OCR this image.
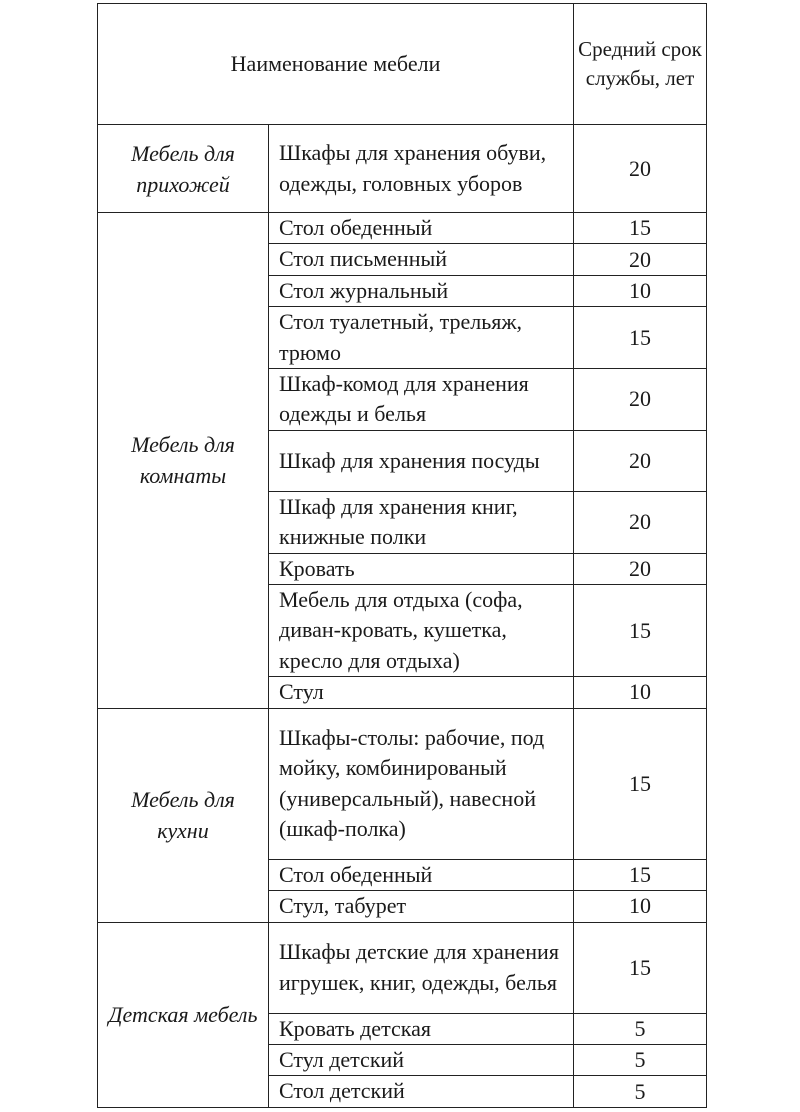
Наименование мебели		Средний срок службы, лет
Мебель для прихожей	Шкафы для хранения обуви, одежды, головных уборов	20
Мебель для комнаты	Стол обеденный	15
	Стол письменный	20
	Стол журнальный	10
	Стол туалетный, трельяж, трюмо	15
	Шкаф-комод для хранения одежды и белья	20
	Шкаф для хранения посуды	20
	Шкаф для хранения книг, книжные полки	20
	Кровать	20
	Мебель для отдыха (софа, диван-кровать, кушетка, кресло для отдыха)	15
	Стул	10
Мебель для кухни	Шкафы-столы: рабочие, под мойку, комбинированый (универсальный), навесной (шкаф-полка)	15
	Стол обеденный	15
	Стул, табурет	10
Детская мебель	Шкафы детские для хранения игрушек, книг, одежды, белья	15
	Кровать детская	5
	Стул детский	5
	Стол детский	5
